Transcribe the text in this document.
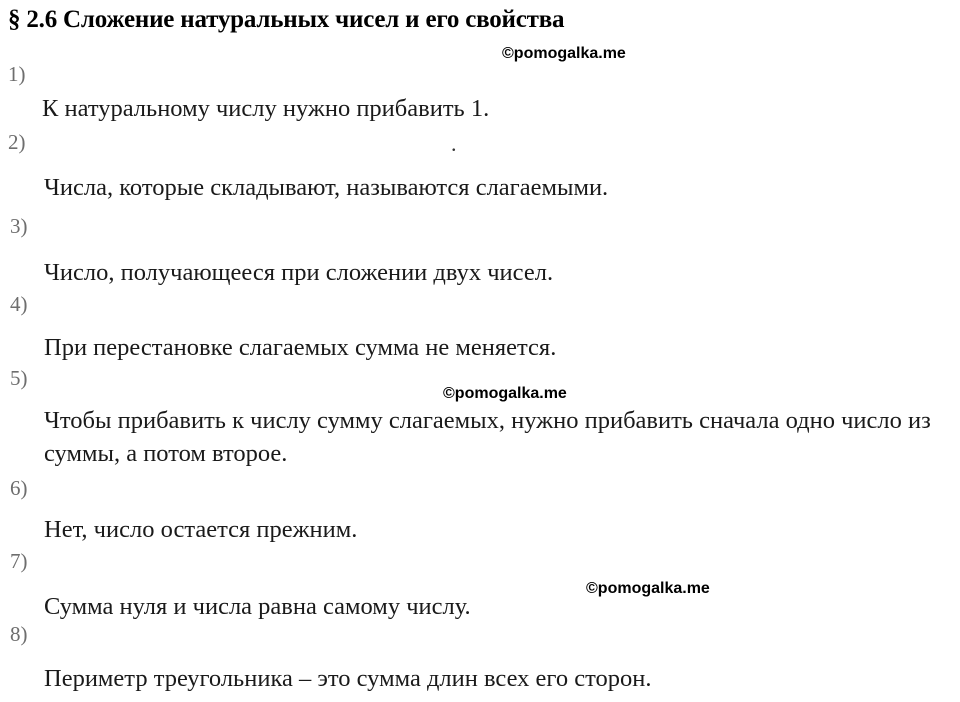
§ 2.6 Сложение натуральных чисел и его свойства
©pomogalka.me
©pomogalka.me
©pomogalka.me
1)
К натуральному числу нужно прибавить 1.
2)	.
Числа, которые складывают, называются слагаемыми.
3)
Число, получающееся при сложении двух чисел.
4)
При перестановке слагаемых сумма не меняется.
5)
Чтобы прибавить к числу сумму слагаемых, нужно прибавить сначала одно число из суммы, а потом второе.
6)
Нет, число остается прежним.
7)
Сумма нуля и числа равна самому числу.
8)
Периметр треугольника – это сумма длин всех его сторон.
